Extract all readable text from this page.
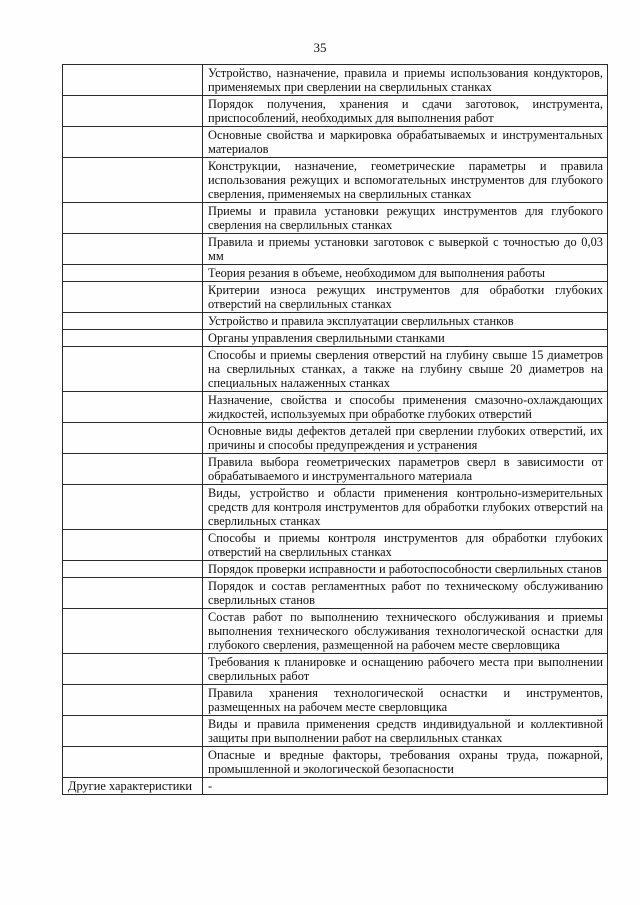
35
	Устройство, назначение, правила и приемы использования кондукторов, применяемых при сверлении на сверлильных станках
	Порядок получения, хранения и сдачи заготовок, инструмента, приспособлений, необходимых для выполнения работ
	Основные свойства и маркировка обрабатываемых и инструментальных материалов
	Конструкции, назначение, геометрические параметры и правила использования режущих и вспомогательных инструментов для глубокого сверления, применяемых на сверлильных станках
	Приемы и правила установки режущих инструментов для глубокого сверления на сверлильных станках
	Правила и приемы установки заготовок с выверкой с точностью до 0,03 мм
	Теория резания в объеме, необходимом для выполнения работы
	Критерии износа режущих инструментов для обработки глубоких отверстий на сверлильных станках
	Устройство и правила эксплуатации сверлильных станков
	Органы управления сверлильными станками
	Способы и приемы сверления отверстий на глубину свыше 15 диаметров на сверлильных станках, а также на глубину свыше 20 диаметров на специальных налаженных станках
	Назначение, свойства и способы применения смазочно-охлаждающих жидкостей, используемых при обработке глубоких отверстий
	Основные виды дефектов деталей при сверлении глубоких отверстий, их причины и способы предупреждения и устранения
	Правила выбора геометрических параметров сверл в зависимости от обрабатываемого и инструментального материала
	Виды, устройство и области применения контрольно-измерительных средств для контроля инструментов для обработки глубоких отверстий на сверлильных станках
	Способы и приемы контроля инструментов для обработки глубоких отверстий на сверлильных станках
	Порядок проверки исправности и работоспособности сверлильных станов
	Порядок и состав регламентных работ по техническому обслуживанию сверлильных станов
	Состав работ по выполнению технического обслуживания и приемы выполнения технического обслуживания технологической оснастки для глубокого сверления, размещенной на рабочем месте сверловщика
	Требования к планировке и оснащению рабочего места при выполнении сверлильных работ
	Правила хранения технологической оснастки и инструментов, размещенных на рабочем месте сверловщика
	Виды и правила применения средств индивидуальной и коллективной защиты при выполнении работ на сверлильных станках
	Опасные и вредные факторы, требования охраны труда, пожарной, промышленной и экологической безопасности
Другие характеристики	-
